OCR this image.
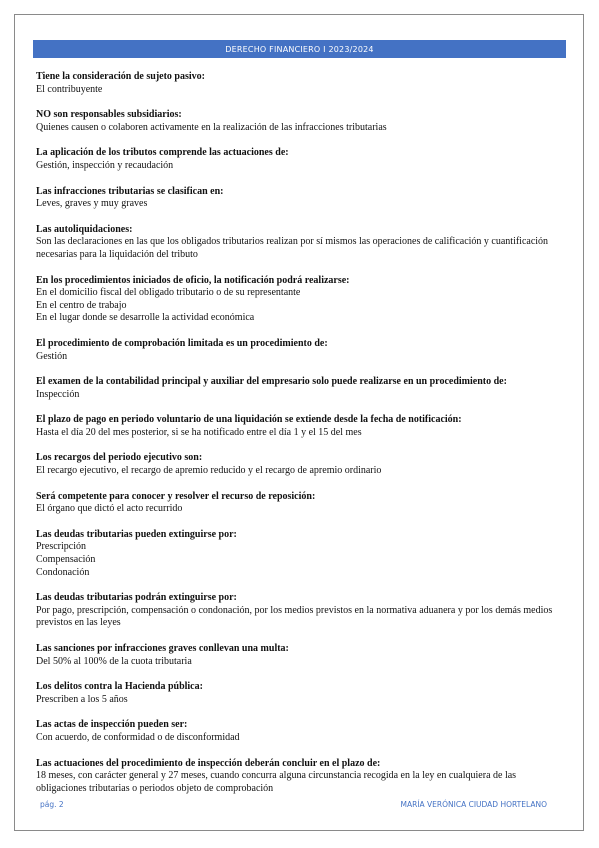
DERECHO FINANCIERO I 2023/2024
Tiene la consideración de sujeto pasivo:
El contribuyente
NO son responsables subsidiarios:
Quienes causen o colaboren activamente en la realización de las infracciones tributarias
La aplicación de los tributos comprende las actuaciones de:
Gestión, inspección y recaudación
Las infracciones tributarias se clasifican en:
Leves, graves y muy graves
Las autoliquidaciones:
Son las declaraciones en las que los obligados tributarios realizan por sí mismos las operaciones de calificación y cuantificación necesarias para la liquidación del tributo
En los procedimientos iniciados de oficio, la notificación podrá realizarse:
En el domicilio fiscal del obligado tributario o de su representante
En el centro de trabajo
En el lugar donde se desarrolle la actividad económica
El procedimiento de comprobación limitada es un procedimiento de:
Gestión
El examen de la contabilidad principal y auxiliar del empresario solo puede realizarse en un procedimiento de:
Inspección
El plazo de pago en periodo voluntario de una liquidación se extiende desde la fecha de notificación:
Hasta el día 20 del mes posterior, si se ha notificado entre el día 1 y el 15 del mes
Los recargos del periodo ejecutivo son:
El recargo ejecutivo, el recargo de apremio reducido y el recargo de apremio ordinario
Será competente para conocer y resolver el recurso de reposición:
El órgano que dictó el acto recurrido
Las deudas tributarias pueden extinguirse por:
Prescripción
Compensación
Condonación
Las deudas tributarias podrán extinguirse por:
Por pago, prescripción, compensación o condonación, por los medios previstos en la normativa aduanera y por los demás medios previstos en las leyes
Las sanciones por infracciones graves conllevan una multa:
Del 50% al 100% de la cuota tributaria
Los delitos contra la Hacienda pública:
Prescriben a los 5 años
Las actas de inspección pueden ser:
Con acuerdo, de conformidad o de disconformidad
Las actuaciones del procedimiento de inspección deberán concluir en el plazo de:
18 meses, con carácter general y 27 meses, cuando concurra alguna circunstancia recogida en la ley en cualquiera de las obligaciones tributarias o periodos objeto de comprobación
pág. 2	MARÍA VERÓNICA CIUDAD HORTELANO
